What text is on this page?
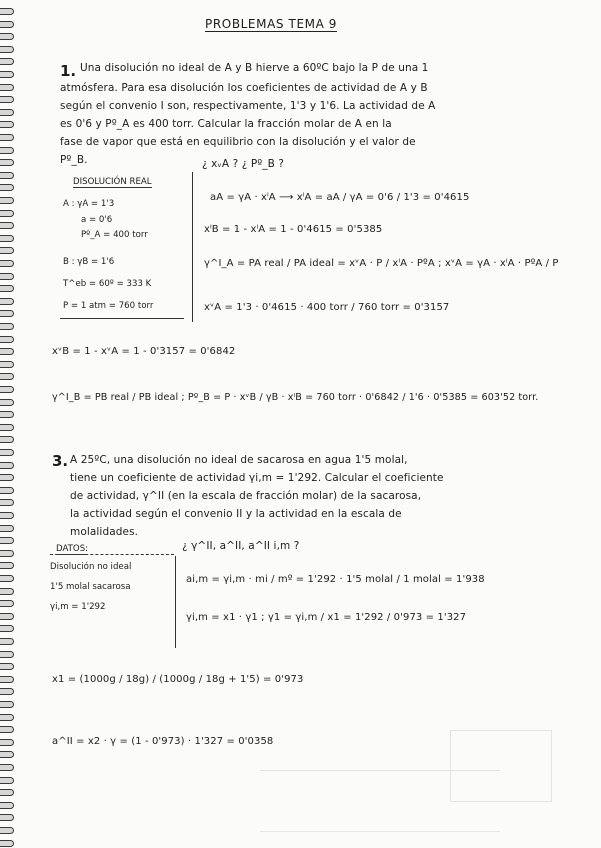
PROBLEMAS TEMA 9
1. Una disolución no ideal de A y B hierve a 60ºC bajo la P de una 1
atmósfera. Para esa disolución los coeficientes de actividad de A y B
según el convenio I son, respectivamente, 1'3 y 1'6. La actividad de A
es 0'6 y Pº_A es 400 torr. Calcular la fracción molar de A en la
fase de vapor que está en equilibrio con la disolución y el valor de
Pº_B.	¿ xᵥA ? ¿ Pº_B ?
DISOLUCIÓN REAL
A : γA = 1'3
a = 0'6
Pº_A = 400 torr
B : γB = 1'6
T^eb = 60º = 333 K
P = 1 atm = 760 torr
aA = γA · xˡA ⟶ xˡA = aA / γA = 0'6 / 1'3 = 0'4615
xˡB = 1 - xˡA = 1 - 0'4615 = 0'5385
γ^I_A = PA real / PA ideal = xᵛA · P / xˡA · PºA ; xᵛA = γA · xˡA · PºA / P
xᵛA = 1'3 · 0'4615 · 400 torr / 760 torr = 0'3157
xᵛB = 1 - xᵛA = 1 - 0'3157 = 0'6842
γ^I_B = PB real / PB ideal ; Pº_B = P · xᵛB / γB · xˡB = 760 torr · 0'6842 / 1'6 · 0'5385 = 603'52 torr.
3. A 25ºC, una disolución no ideal de sacarosa en agua 1'5 molal,
tiene un coeficiente de actividad γi,m = 1'292. Calcular el coeficiente
de actividad, γ^II (en la escala de fracción molar) de la sacarosa,
la actividad según el convenio II y la actividad en la escala de
molalidades.
¿ γ^II, a^II, a^II i,m ?
DATOS:
Disolución no ideal
1'5 molal sacarosa
γi,m = 1'292
ai,m = γi,m · mi / mº = 1'292 · 1'5 molal / 1 molal = 1'938
γi,m = x1 · γ1 ; γ1 = γi,m / x1 = 1'292 / 0'973 = 1'327
x1 = (1000g / 18g) / (1000g / 18g + 1'5) = 0'973
a^II = x2 · γ = (1 - 0'973) · 1'327 = 0'0358
